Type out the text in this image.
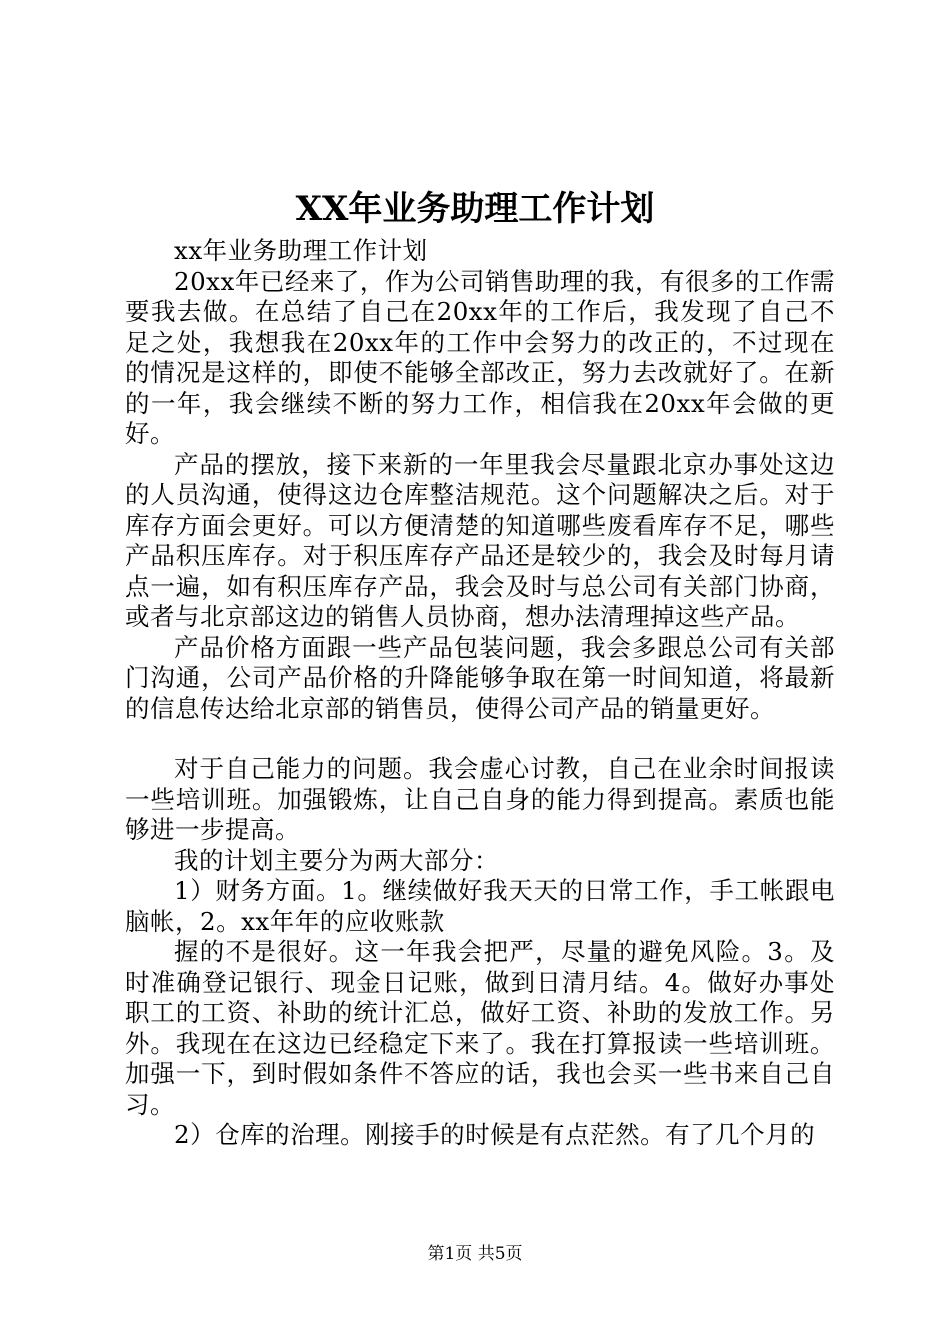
XX年业务助理工作计划

xx年业务助理工作计划

20xx年已经来了，作为公司销售助理的我，有很多的工作需要我去做。在总结了自己在20xx年的工作后，我发现了自己不足之处，我想我在20xx年的工作中会努力的改正的，不过现在的情况是这样的，即使不能够全部改正，努力去改就好了。在新的一年，我会继续不断的努力工作，相信我在20xx年会做的更好。

产品的摆放，接下来新的一年里我会尽量跟北京办事处这边的人员沟通，使得这边仓库整洁规范。这个问题解决之后。对于库存方面会更好。可以方便清楚的知道哪些废看库存不足，哪些产品积压库存。对于积压库存产品还是较少的，我会及时每月请点一遍，如有积压库存产品，我会及时与总公司有关部门协商，或者与北京部这边的销售人员协商，想办法清理掉这些产品。

产品价格方面跟一些产品包装问题，我会多跟总公司有关部门沟通，公司产品价格的升降能够争取在第一时间知道，将最新的信息传达给北京部的销售员，使得公司产品的销量更好。

对于自己能力的问题。我会虚心讨教，自己在业余时间报读一些培训班。加强锻炼，让自己自身的能力得到提高。素质也能够进一步提高。

我的计划主要分为两大部分：

1）财务方面。1。继续做好我天天的日常工作，手工帐跟电脑帐，2。xx年年的应收账款

握的不是很好。这一年我会把严，尽量的避免风险。3。及时准确登记银行、现金日记账，做到日清月结。4。做好办事处职工的工资、补助的统计汇总，做好工资、补助的发放工作。另外。我现在在这边已经稳定下来了。我在打算报读一些培训班。加强一下，到时假如条件不答应的话，我也会买一些书来自己自习。

2）仓库的治理。刚接手的时候是有点茫然。有了几个月的

第1页 共5页
